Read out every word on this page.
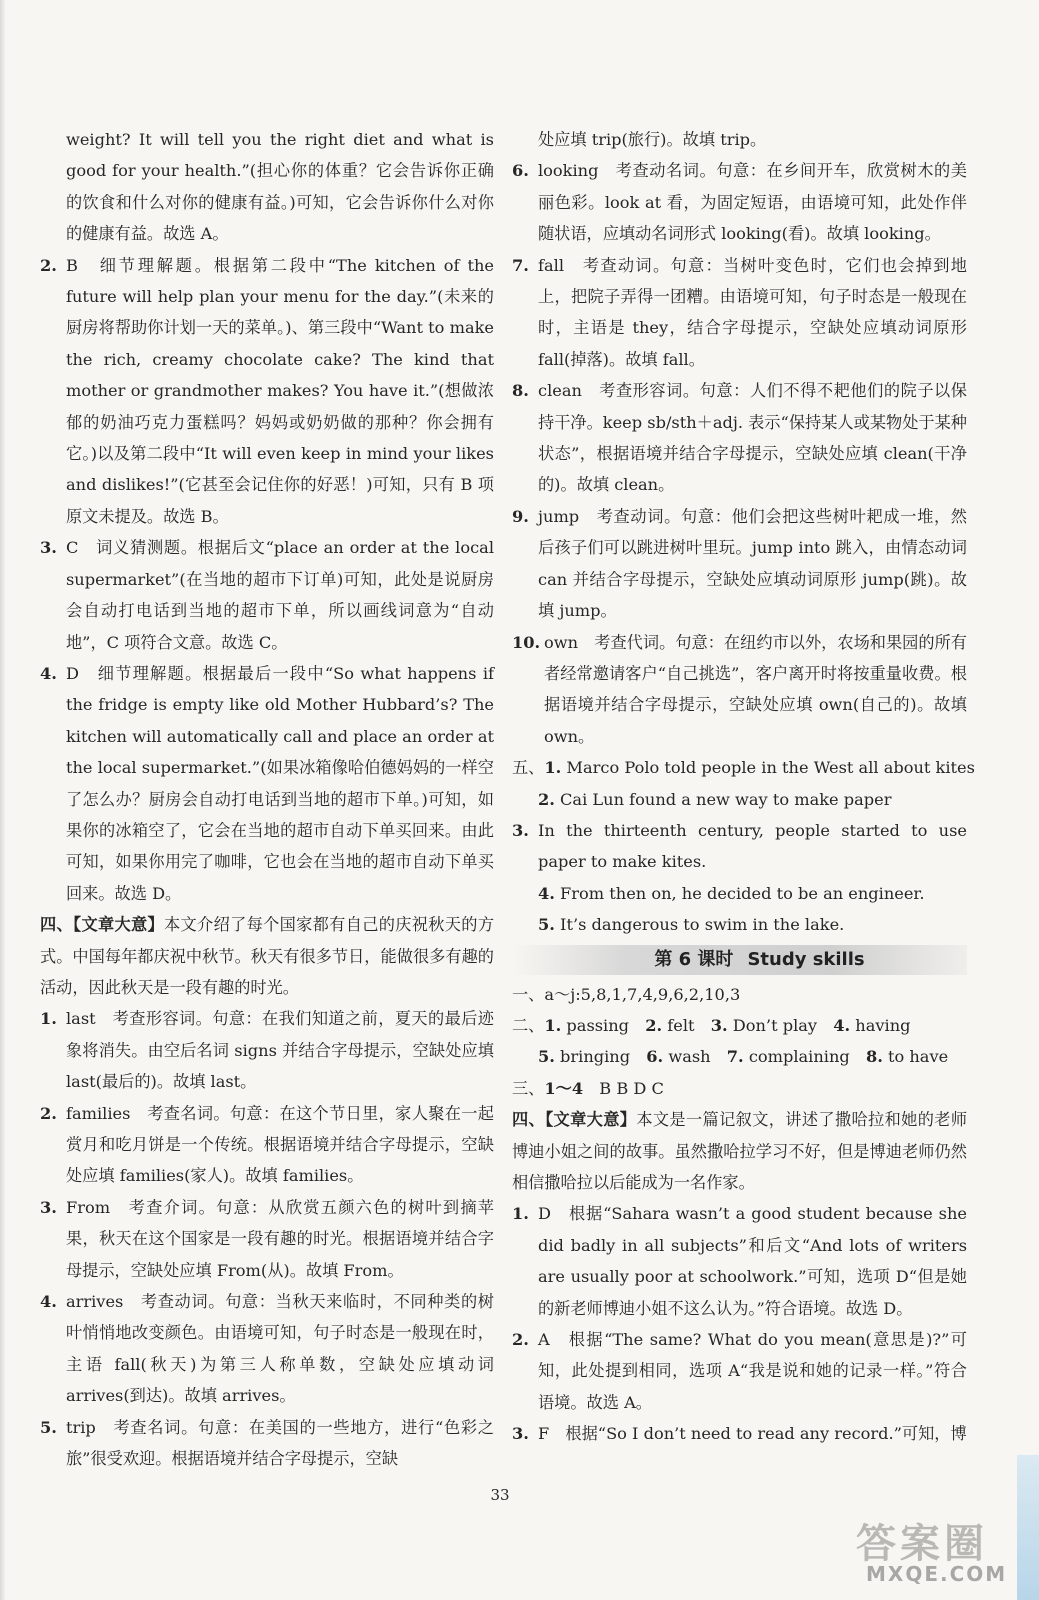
weight? It will tell you the right diet and what is good for your health.”(担心你的体重？它会告诉你正确的饮食和什么对你的健康有益。)可知，它会告诉你什么对你的健康有益。故选 A。
2. B　细节理解题。根据第二段中“The kitchen of the future will help plan your menu for the day.”(未来的厨房将帮助你计划一天的菜单。)、第三段中“Want to make the rich, creamy chocolate cake? The kind that mother or grandmother makes? You have it.”(想做浓郁的奶油巧克力蛋糕吗？妈妈或奶奶做的那种？你会拥有它。)以及第二段中“It will even keep in mind your likes and dislikes!”(它甚至会记住你的好恶！)可知，只有 B 项原文未提及。故选 B。
3. C　词义猜测题。根据后文“place an order at the local supermarket”(在当地的超市下订单)可知，此处是说厨房会自动打电话到当地的超市下单，所以画线词意为“自动地”，C 项符合文意。故选 C。
4. D　细节理解题。根据最后一段中“So what happens if the fridge is empty like old Mother Hubbard’s? The kitchen will automatically call and place an order at the local supermarket.”(如果冰箱像哈伯德妈妈的一样空了怎么办？厨房会自动打电话到当地的超市下单。)可知，如果你的冰箱空了，它会在当地的超市自动下单买回来。由此可知，如果你用完了咖啡，它也会在当地的超市自动下单买回来。故选 D。
四、【文章大意】本文介绍了每个国家都有自己的庆祝秋天的方式。中国每年都庆祝中秋节。秋天有很多节日，能做很多有趣的活动，因此秋天是一段有趣的时光。
1. last　考查形容词。句意：在我们知道之前，夏天的最后迹象将消失。由空后名词 signs 并结合字母提示，空缺处应填 last(最后的)。故填 last。
2. families　考查名词。句意：在这个节日里，家人聚在一起赏月和吃月饼是一个传统。根据语境并结合字母提示，空缺处应填 families(家人)。故填 families。
3. From　考查介词。句意：从欣赏五颜六色的树叶到摘苹果，秋天在这个国家是一段有趣的时光。根据语境并结合字母提示，空缺处应填 From(从)。故填 From。
4. arrives　考查动词。句意：当秋天来临时，不同种类的树叶悄悄地改变颜色。由语境可知，句子时态是一般现在时，主语 fall(秋天)为第三人称单数，空缺处应填动词 arrives(到达)。故填 arrives。
5. trip　考查名词。句意：在美国的一些地方，进行“色彩之旅”很受欢迎。根据语境并结合字母提示，空缺
处应填 trip(旅行)。故填 trip。
6. looking　考查动名词。句意：在乡间开车，欣赏树木的美丽色彩。look at 看，为固定短语，由语境可知，此处作伴随状语，应填动名词形式 looking(看)。故填 looking。
7. fall　考查动词。句意：当树叶变色时，它们也会掉到地上，把院子弄得一团糟。由语境可知，句子时态是一般现在时，主语是 they，结合字母提示，空缺处应填动词原形 fall(掉落)。故填 fall。
8. clean　考查形容词。句意：人们不得不耙他们的院子以保持干净。keep sb/sth＋adj. 表示“保持某人或某物处于某种状态”，根据语境并结合字母提示，空缺处应填 clean(干净的)。故填 clean。
9. jump　考查动词。句意：他们会把这些树叶耙成一堆，然后孩子们可以跳进树叶里玩。jump into 跳入，由情态动词 can 并结合字母提示，空缺处应填动词原形 jump(跳)。故填 jump。
10. own　考查代词。句意：在纽约市以外，农场和果园的所有者经常邀请客户“自己挑选”，客户离开时将按重量收费。根据语境并结合字母提示，空缺处应填 own(自己的)。故填 own。
五、1. Marco Polo told people in the West all about kites
2. Cai Lun found a new way to make paper
3. In the thirteenth century, people started to use paper to make kites.
4. From then on, he decided to be an engineer.
5. It’s dangerous to swim in the lake.
第 6 课时 Study skills
一、a～j:5,8,1,7,4,9,6,2,10,3
二、1. passing　2. felt　3. Don’t play　4. having
5. bringing　6. wash　7. complaining　8. to have
三、1～4　B B D C
四、【文章大意】本文是一篇记叙文，讲述了撒哈拉和她的老师博迪小姐之间的故事。虽然撒哈拉学习不好，但是博迪老师仍然相信撒哈拉以后能成为一名作家。
1. D　根据“Sahara wasn’t a good student because she did badly in all subjects”和后文“And lots of writers are usually poor at schoolwork.”可知，选项 D“但是她的新老师博迪小姐不这么认为。”符合语境。故选 D。
2. A　根据“The same? What do you mean(意思是)?”可知，此处提到相同，选项 A“我是说和她的记录一样。”符合语境。故选 A。
3. F　根据“So I don’t need to read any record.”可知，博
33
答案圈
MXQE.COM
